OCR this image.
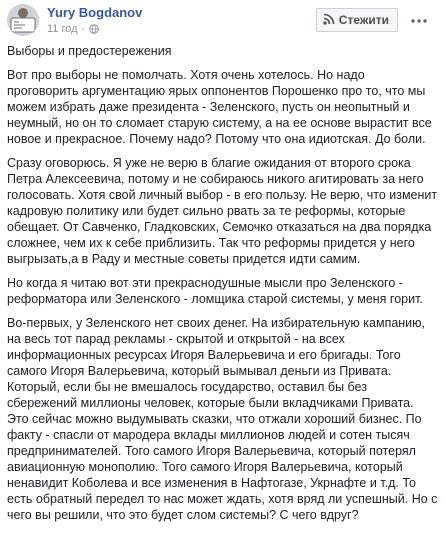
Yury Bogdanov
11 год ·
Стежити

Выборы и предостережения

Вот про выборы не помолчать. Хотя очень хотелось. Но надо проговорить аргументацию ярых оппонентов Порошенко про то, что мы можем избрать даже президента - Зеленского, пусть он неопытный и неумный, но он то сломает старую систему, а на ее основе вырастит все новое и прекрасное. Почему надо? Потому что она идиотская. До боли.

Сразу оговорюсь. Я уже не верю в благие ожидания от второго срока Петра Алексеевича, потому и не собираюсь никого агитировать за него голосовать. Хотя свой личный выбор - в его пользу. Не верю, что изменит кадровую политику или будет сильно рвать за те реформы, которые обещает. От Савченко, Гладковских, Семочко отказаться на два порядка сложнее, чем их к себе приблизить. Так что реформы придется у него выгрызать,а в Раду и местные советы придется идти самим.

Но когда я читаю вот эти прекраснодушные мысли про Зеленского - реформатора или Зеленского - ломщика старой системы, у меня горит.

Во-первых, у Зеленского нет своих денег. На избирательную кампанию, на весь тот парад рекламы - скрытой и открытой - на всех информационных ресурсах Игоря Валерьевича и его бригады. Того самого Игоря Валерьевича, который вымывал деньги из Привата. Который, если бы не вмешалось государство, оставил бы без сбережений миллионы человек, которые были вкладчиками Привата. Это сейчас можно выдумывать сказки, что отжали хороший бизнес. По факту - спасли от мародера вклады миллионов людей и сотен тысяч предпринимателей. Того самого Игоря Валерьевича, который потерял авиационную монополию. Того самого Игоря Валерьевича, который ненавидит Коболева и все изменения в Нафтогазе, Укрнафте и т.д. То есть обратный передел то нас может ждать, хотя вряд ли успешный. Но с чего вы решили, что это будет слом системы? С чего вдруг?
